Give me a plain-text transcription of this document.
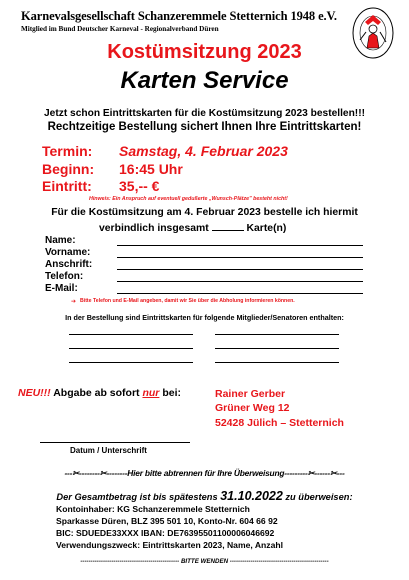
Karnevalsgesellschaft Schanzeremmele Stetternich 1948 e.V.
Mitglied im Bund Deutscher Karneval - Regionalverband Düren
Kostümsitzung 2023
Karten Service
Jetzt schon Eintrittskarten für die Kostümsitzung 2023 bestellen!!!
Rechtzeitige Bestellung sichert Ihnen Ihre Eintrittskarten!
Termin: Samstag, 4. Februar 2023
Beginn: 16:45 Uhr
Eintritt: 35,-- €
Hinweis: Ein Anspruch auf eventuell gedußerte „Wunsch-Plätze" besteht nicht!
Für die Kostümsitzung am 4. Februar 2023 bestelle ich hiermit
verbindlich insgesamt	Karte(n)
Name:
Vorname:
Anschrift:
Telefon:
E-Mail:
➔ Bitte Telefon und E-Mail angeben, damit wir Sie über die Abholung informieren können.
In der Bestellung sind Eintrittskarten für folgende Mitglieder/Senatoren enthalten:
NEU!!! Abgabe ab sofort nur bei:	Rainer Gerber
Grüner Weg 12
52428 Jülich – Stetternich
Datum / Unterschrift
---✂--------✂--------Hier bitte abtrennen für Ihre Überweisung---------✂------✂---
Der Gesamtbetrag ist bis spätestens 31.10.2022 zu überweisen:
Kontoinhaber: KG Schanzeremmele Stetternich
Sparkasse Düren, BLZ 395 501 10, Konto-Nr. 604 66 92
BIC: SDUEDE33XXX IBAN: DE76395501100006046692
Verwendungszweck: Eintrittskarten 2023, Name, Anzahl
------------------------------------------------ BITTE WENDEN ------------------------------------------------
